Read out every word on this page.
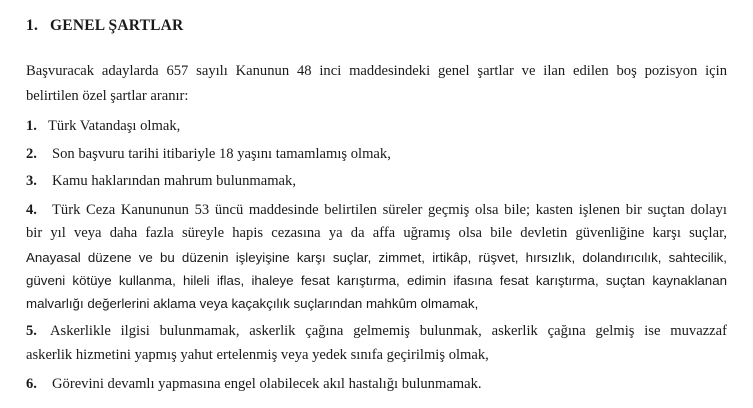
1. GENEL ŞARTLAR
Başvuracak adaylarda 657 sayılı Kanunun 48 inci maddesindeki genel şartlar ve ilan edilen boş pozisyon için
belirtilen özel şartlar aranır:
1. Türk Vatandaşı olmak,
2. Son başvuru tarihi itibariyle 18 yaşını tamamlamış olmak,
3. Kamu haklarından mahrum bulunmamak,
4. Türk Ceza Kanununun 53 üncü maddesinde belirtilen süreler geçmiş olsa bile; kasten işlenen bir suçtan dolayı
bir yıl veya daha fazla süreyle hapis cezasına ya da affa uğramış olsa bile devletin güvenliğine karşı suçlar,
Anayasal düzene ve bu düzenin işleyişine karşı suçlar, zimmet, irtikâp, rüşvet, hırsızlık, dolandırıcılık, sahtecilik,
güveni kötüye kullanma, hileli iflas, ihaleye fesat karıştırma, edimin ifasına fesat karıştırma, suçtan kaynaklanan
malvarlığı değerlerini aklama veya kaçakçılık suçlarından mahkûm olmamak,
5. Askerlikle ilgisi bulunmamak, askerlik çağına gelmemiş bulunmak, askerlik çağına gelmiş ise muvazzaf
askerlik hizmetini yapmış yahut ertelenmiş veya yedek sınıfa geçirilmiş olmak,
6. Görevini devamlı yapmasına engel olabilecek akıl hastalığı bulunmamak.
